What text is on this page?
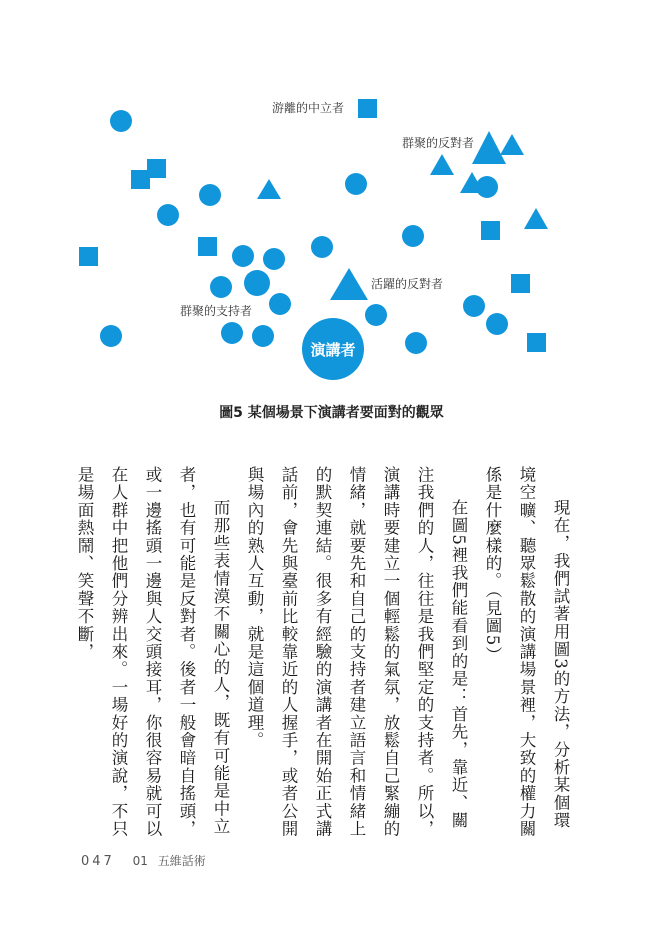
游離的中立者
群聚的反對者
活躍的反對者
群聚的支持者
演講者
圖5 某個場景下演講者要面對的觀眾

現在，我們試著用圖3的方法，分析某個環境空曠、聽眾鬆散的演講場景裡，大致的權力關係是什麼樣的。（見圖5）

在圖5裡我們能看到的是：首先，靠近、關注我們的人，往往是我們堅定的支持者。所以，演講時要建立一個輕鬆的氣氛，放鬆自己緊繃的情緒，就要先和自己的支持者建立語言和情緒上的默契連結。很多有經驗的演講者在開始正式講話前，會先與臺前比較靠近的人握手，或者公開與場內的熟人互動，就是這個道理。

而那些表情漠不關心的人，既有可能是中立者，也有可能是反對者。後者一般會暗自搖頭，或一邊搖頭一邊與人交頭接耳，你很容易就可以在人群中把他們分辨出來。一場好的演說，不只是場面熱鬧、笑聲不斷，

047 01 五維話術
